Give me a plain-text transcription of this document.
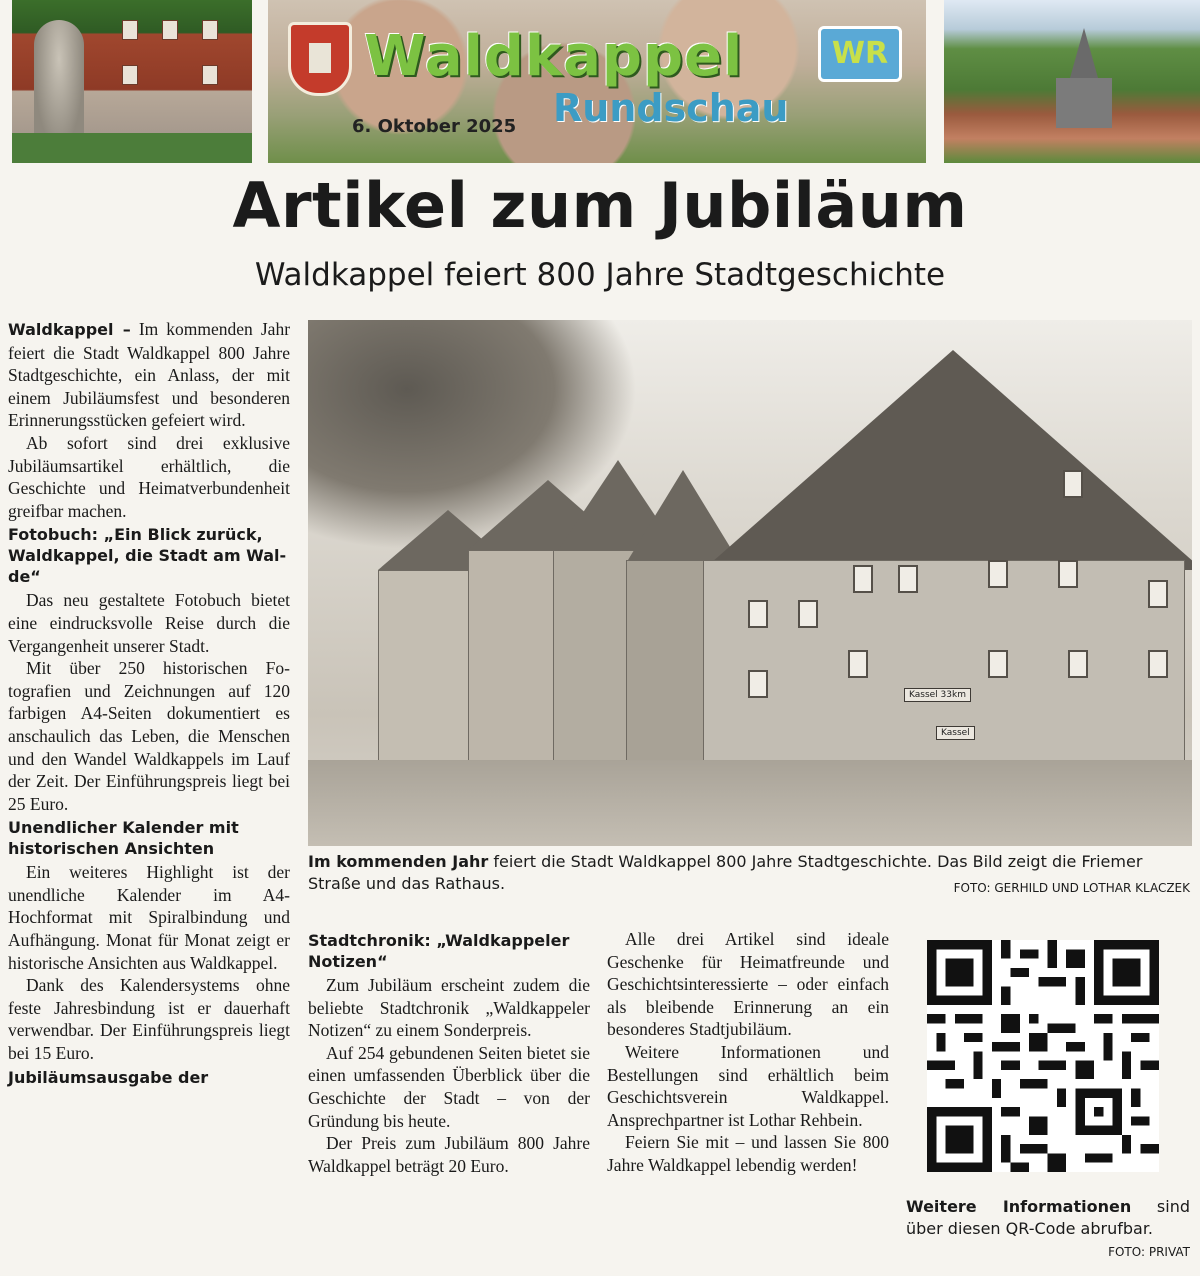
Waldkappel
Rundschau
6. Oktober 2025
WR
Artikel zum Jubiläum
Waldkappel feiert 800 Jahre Stadtgeschichte

Waldkappel – Im kommenden Jahr feiert die Stadt Waldkappel 800 Jahre Stadtgeschichte, ein Anlass, der mit einem Jubiläumsfest und besonderen Erinnerungsstücken gefeiert wird.

Ab sofort sind drei exklusive Jubiläumsartikel erhältlich, die Geschichte und Heimatverbundenheit greifbar machen.

Fotobuch: „Ein Blick zurück, Waldkappel, die Stadt am Walde“

Das neu gestaltete Fotobuch bietet eine eindrucksvolle Reise durch die Vergangenheit unserer Stadt.

Mit über 250 historischen Fotografien und Zeichnungen auf 120 farbigen A4-Seiten dokumentiert es anschaulich das Leben, die Menschen und den Wandel Waldkappels im Lauf der Zeit. Der Einführungspreis liegt bei 25 Euro.

Unendlicher Kalender mit historischen Ansichten

Ein weiteres Highlight ist der unendliche Kalender im A4-Hochformat mit Spiralbindung und Aufhängung. Monat für Monat zeigt er historische Ansichten aus Waldkappel.

Dank des Kalendersystems ohne feste Jahresbindung ist er dauerhaft verwendbar. Der Einführungspreis liegt bei 15 Euro.

Jubiläumsausgabe der
Kassel 33km
Kassel
Im kommenden Jahr feiert die Stadt Waldkappel 800 Jahre Stadtgeschichte. Das Bild zeigt die Friemer Straße und das Rathaus.	FOTO: GERHILD UND LOTHAR KLACZEK
Stadtchronik: „Waldkappeler Notizen“

Zum Jubiläum erscheint zudem die beliebte Stadtchronik „Waldkappeler Notizen“ zu einem Sonderpreis.

Auf 254 gebundenen Seiten bietet sie einen umfassenden Überblick über die Geschichte der Stadt – von der Gründung bis heute.

Der Preis zum Jubiläum 800 Jahre Waldkappel beträgt 20 Euro.

Alle drei Artikel sind ideale Geschenke für Heimatfreunde und Geschichtsinteressierte – oder einfach als bleibende Erinnerung an ein besonderes Stadtjubiläum.

Weitere Informationen und Bestellungen sind erhältlich beim Geschichtsverein Waldkappel. Ansprechpartner ist Lothar Rehbein.

Feiern Sie mit – und lassen Sie 800 Jahre Waldkappel lebendig werden!

Weitere Informationen sind über diesen QR-Code abrufbar.
FOTO: PRIVAT
